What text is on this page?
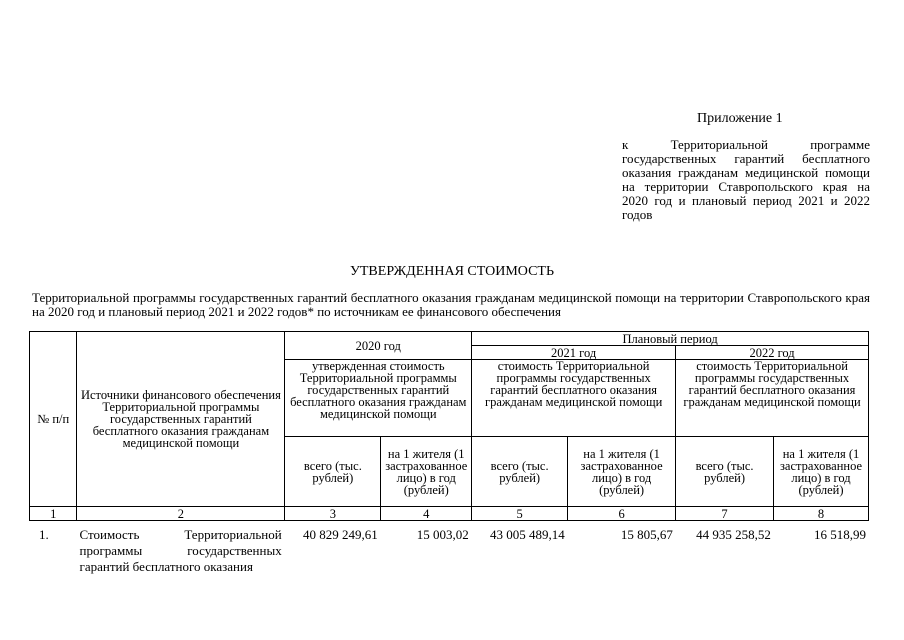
Приложение 1
к Территориальной программе государственных гарантий бесплатного оказания гражданам медицинской помощи на территории Ставропольского края на 2020 год и плановый период 2021 и 2022 годов
УТВЕРЖДЕННАЯ СТОИМОСТЬ
Территориальной программы государственных гарантий бесплатного оказания гражданам медицинской помощи на территории Ставропольского края на 2020 год и плановый период 2021 и 2022 годов* по источникам ее финансового обеспечения
№ п/п	Источники финансового обеспечения Территориальной программы государственных гарантий бесплатного оказания гражданам медицинской помощи	2020 год		Плановый период			
				2021 год		2022 год	
		утвержденная стоимость Территориальной программы государственных гарантий бесплатного оказания гражданам медицинской помощи		стоимость Территориальной программы государственных гарантий бесплатного оказания гражданам медицинской помощи		стоимость Территориальной программы государственных гарантий бесплатного оказания гражданам медицинской помощи	
		всего (тыс. рублей)	на 1 жителя (1 застрахованное лицо) в год (рублей)	всего (тыс. рублей)	на 1 жителя (1 застрахованное лицо) в год (рублей)	всего (тыс. рублей)	на 1 жителя (1 застрахованное лицо) в год (рублей)
1	2	3	4	5	6	7	8
1.	Стоимость Территориальной
программы государственных
гарантий бесплатного оказания	40 829 249,61	15 003,02	43 005 489,14	15 805,67	44 935 258,52	16 518,99
